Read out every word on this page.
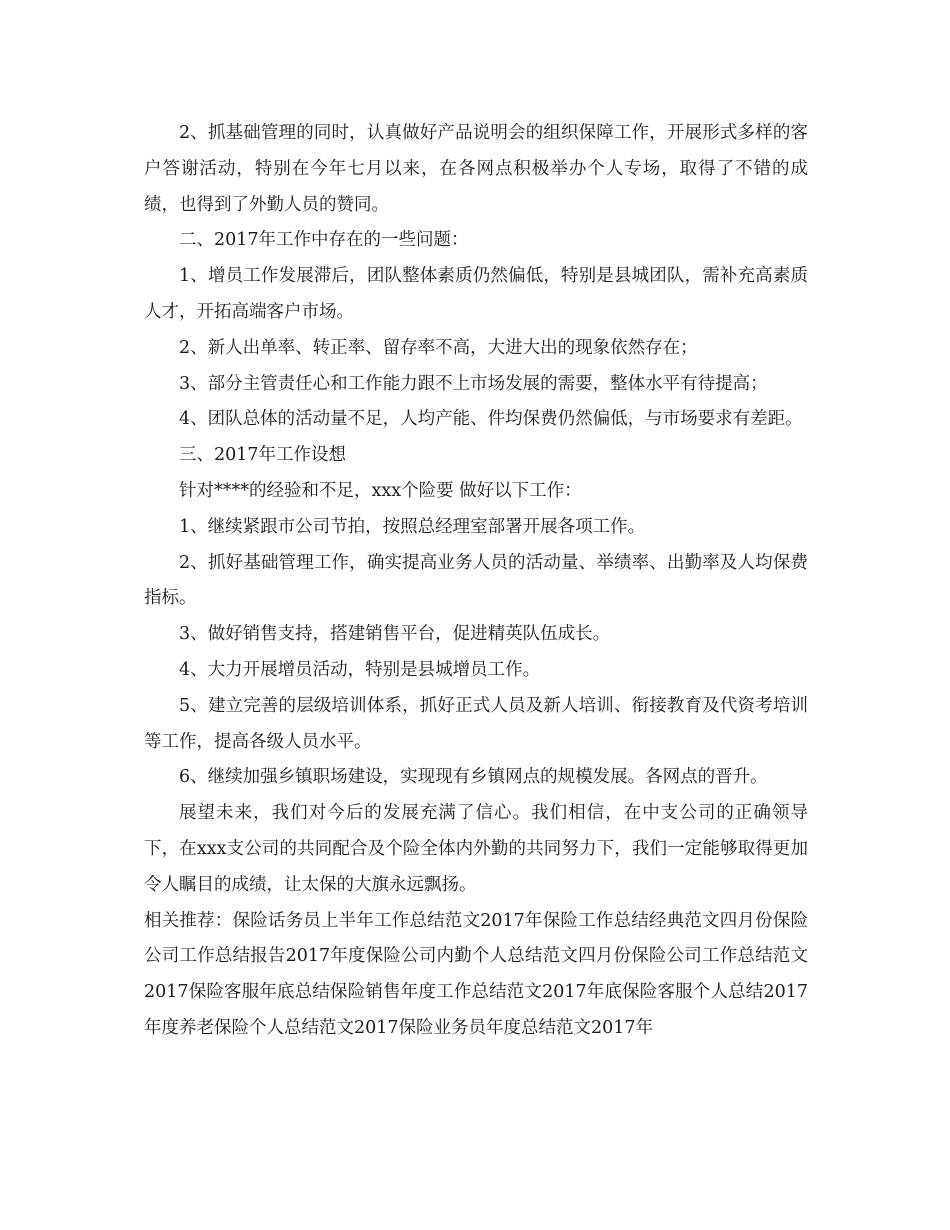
2、抓基础管理的同时，认真做好产品说明会的组织保障工作，开展形式多样的客户答谢活动，特别在今年七月以来，在各网点积极举办个人专场，取得了不错的成绩，也得到了外勤人员的赞同。

二、2017年工作中存在的一些问题：

1、增员工作发展滞后，团队整体素质仍然偏低，特别是县城团队，需补充高素质人才，开拓高端客户市场。

2、新人出单率、转正率、留存率不高，大进大出的现象依然存在；

3、部分主管责任心和工作能力跟不上市场发展的需要，整体水平有待提高；

4、团队总体的活动量不足，人均产能、件均保费仍然偏低，与市场要求有差距。

三、2017年工作设想

针对****的经验和不足，xxx个险要 做好以下工作：

1、继续紧跟市公司节拍，按照总经理室部署开展各项工作。

2、抓好基础管理工作，确实提高业务人员的活动量、举绩率、出勤率及人均保费指标。

3、做好销售支持，搭建销售平台，促进精英队伍成长。

4、大力开展增员活动，特别是县城增员工作。

5、建立完善的层级培训体系，抓好正式人员及新人培训、衔接教育及代资考培训等工作，提高各级人员水平。

6、继续加强乡镇职场建设，实现现有乡镇网点的规模发展。各网点的晋升。

展望未来，我们对今后的发展充满了信心。我们相信，在中支公司的正确领导下，在xxx支公司的共同配合及个险全体内外勤的共同努力下，我们一定能够取得更加令人瞩目的成绩，让太保的大旗永远飘扬。

相关推荐：保险话务员上半年工作总结范文2017年保险工作总结经典范文四月份保险公司工作总结报告2017年度保险公司内勤个人总结范文四月份保险公司工作总结范文2017保险客服年底总结保险销售年度工作总结范文2017年底保险客服个人总结2017年度养老保险个人总结范文2017保险业务员年度总结范文2017年
